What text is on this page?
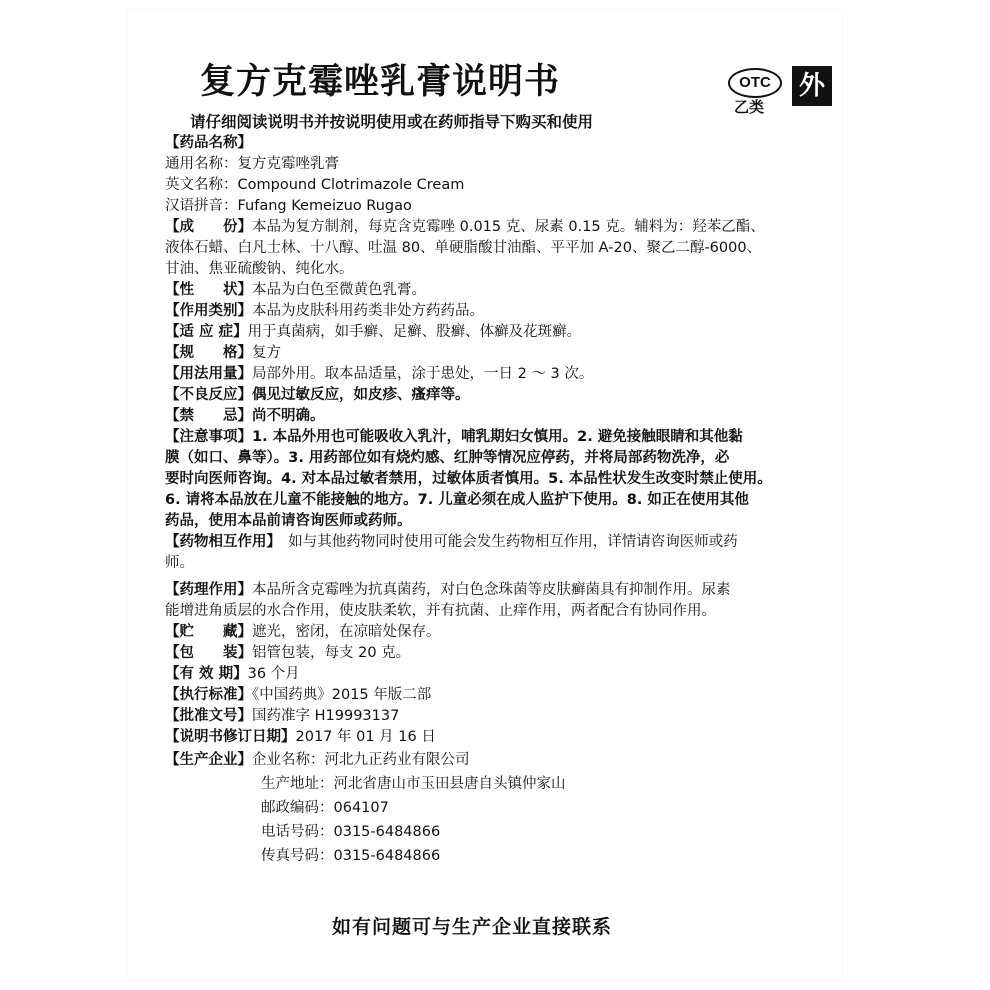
复方克霉唑乳膏说明书	OTC
乙类
外
请仔细阅读说明书并按说明使用或在药师指导下购买和使用
【药品名称】
通用名称：复方克霉唑乳膏
英文名称：Compound Clotrimazole Cream
汉语拼音：Fufang Kemeizuo Rugao
【成　　份】本品为复方制剂，每克含克霉唑 0.015 克、尿素 0.15 克。辅料为：羟苯乙酯、
液体石蜡、白凡士林、十八醇、吐温 80、单硬脂酸甘油酯、平平加 A-20、聚乙二醇-6000、
甘油、焦亚硫酸钠、纯化水。
【性　　状】本品为白色至微黄色乳膏。
【作用类别】本品为皮肤科用药类非处方药药品。
【适 应 症】用于真菌病，如手癣、足癣、股癣、体癣及花斑癣。
【规　　格】复方
【用法用量】局部外用。取本品适量，涂于患处，一日 2 ～ 3 次。
【不良反应】偶见过敏反应，如皮疹、瘙痒等。
【禁　　忌】尚不明确。
【注意事项】1. 本品外用也可能吸收入乳汁，哺乳期妇女慎用。2. 避免接触眼睛和其他黏
膜（如口、鼻等）。3. 用药部位如有烧灼感、红肿等情况应停药，并将局部药物洗净，必
要时向医师咨询。4. 对本品过敏者禁用，过敏体质者慎用。5. 本品性状发生改变时禁止使用。
6. 请将本品放在儿童不能接触的地方。7. 儿童必须在成人监护下使用。8. 如正在使用其他
药品，使用本品前请咨询医师或药师。
【药物相互作用】　如与其他药物同时使用可能会发生药物相互作用，详情请咨询医师或药
师。
【药理作用】本品所含克霉唑为抗真菌药，对白色念珠菌等皮肤癣菌具有抑制作用。尿素
能增进角质层的水合作用，使皮肤柔软，并有抗菌、止痒作用，两者配合有协同作用。
【贮　　藏】遮光，密闭，在凉暗处保存。
【包　　装】铝管包装，每支 20 克。
【有 效 期】36 个月
【执行标准】《中国药典》2015 年版二部
【批准文号】国药准字 H19993137
【说明书修订日期】2017 年 01 月 16 日
【生产企业】企业名称：河北九正药业有限公司
生产地址：河北省唐山市玉田县唐自头镇仲家山
邮政编码：064107
电话号码：0315-6484866
传真号码：0315-6484866
如有问题可与生产企业直接联系
